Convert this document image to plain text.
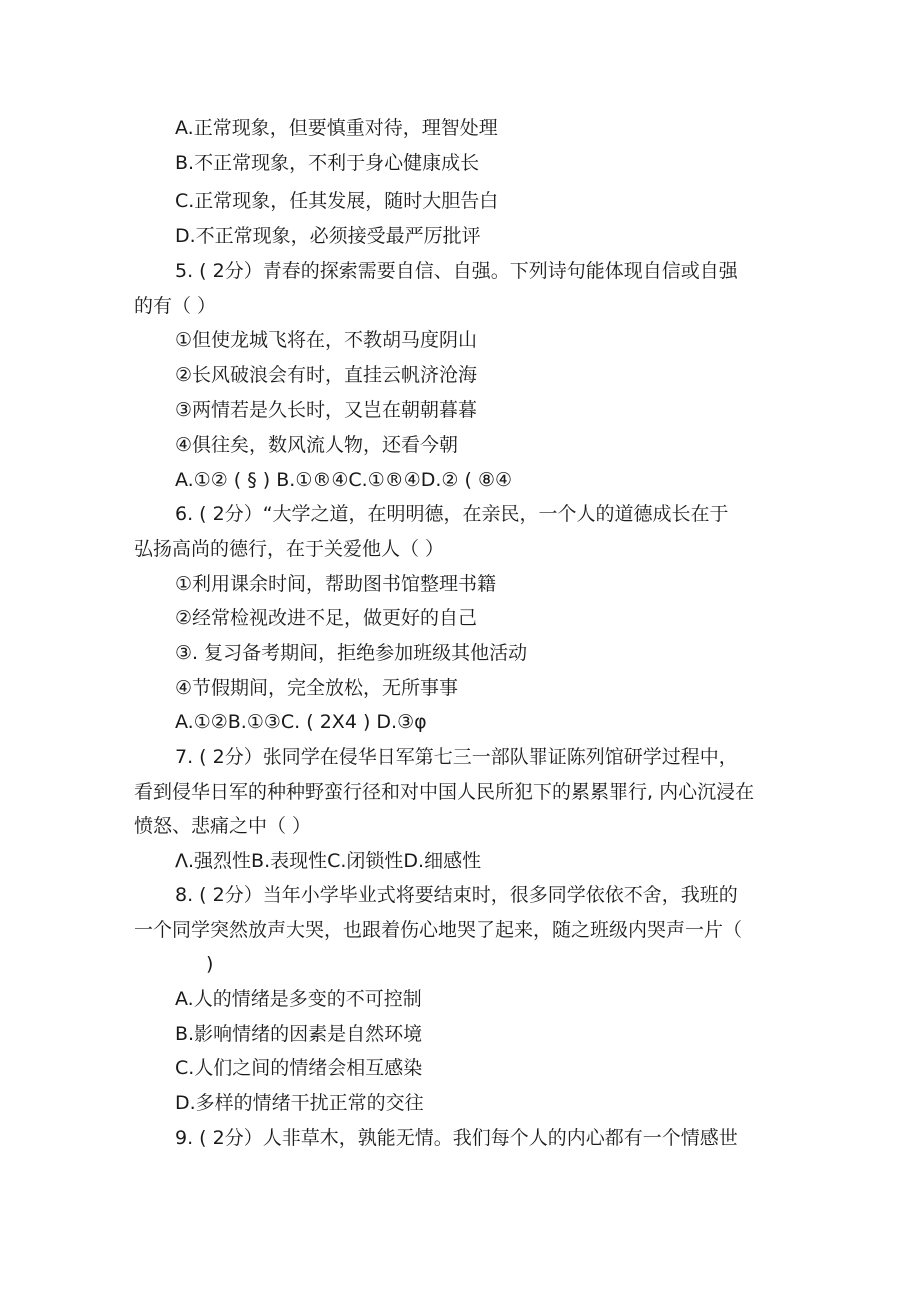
A.正常现象，但要慎重对待，理智处理
B.不正常现象，不利于身心健康成长
C.正常现象，任其发展，随时大胆告白
D.不正常现象，必须接受最严厉批评
5. ( 2分）青春的探索需要自信、自强。下列诗句能体现自信或自强
的有（ ）
①但使龙城飞将在，不教胡马度阴山
②长风破浪会有时，直挂云帆济沧海
③两情若是久长时，又岂在朝朝暮暮
④俱往矣，数风流人物，还看今朝
A.①② ( § ) B.①®④C.①®④D.② ( ⑧④
6. ( 2分）“大学之道，在明明德，在亲民，一个人的道德成长在于
弘扬高尚的德行，在于关爱他人（ ）
①利用课余时间，帮助图书馆整理书籍
②经常检视改进不足，做更好的自己
③. 复习备考期间，拒绝参加班级其他活动
④节假期间，完全放松，无所事事
A.①②B.①③C. ( 2X4 ) D.③φ
7. ( 2分）张同学在侵华日军第七三一部队罪证陈列馆研学过程中，
看到侵华日军的种种野蛮行径和对中国人民所犯下的累累罪行, 内心沉浸在
愤怒、悲痛之中（ ）
Λ.强烈性B.表现性C.闭锁性D.细感性
8. ( 2分）当年小学毕业式将要结束时，很多同学依依不舍，我班的
一个同学突然放声大哭，也跟着伤心地哭了起来，随之班级内哭声一片（
)
A.人的情绪是多变的不可控制
B.影响情绪的因素是自然环境
C.人们之间的情绪会相互感染
D.多样的情绪干扰正常的交往
9. ( 2分）人非草木，孰能无情。我们每个人的内心都有一个情感世
